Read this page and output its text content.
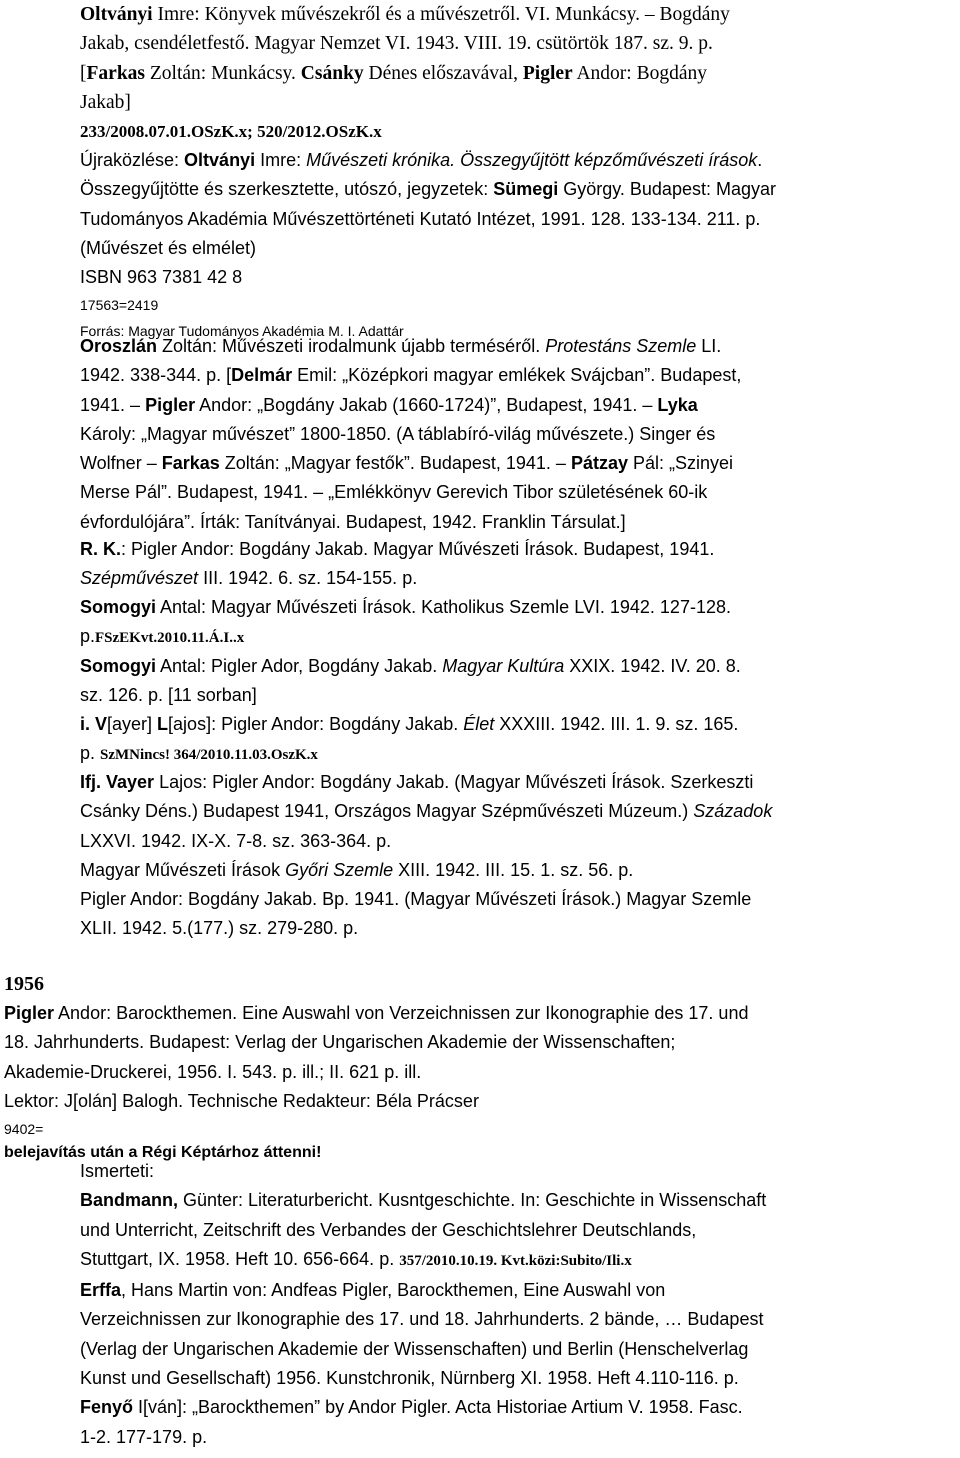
Oltványi Imre: Könyvek művészekről és a művészetről. VI. Munkácsy. – Bogdány

Jakab, csendéletfestő. Magyar Nemzet VI. 1943. VIII. 19. csütörtök 187. sz. 9. p.

[Farkas Zoltán: Munkácsy. Csánky Dénes előszavával, Pigler Andor: Bogdány

Jakab]

233/2008.07.01.OSzK.x; 520/2012.OSzK.x

Újraközlése: Oltványi Imre: Művészeti krónika. Összegyűjtött képzőművészeti írások.

Összegyűjtötte és szerkesztette, utószó, jegyzetek: Sümegi György. Budapest: Magyar

Tudományos Akadémia Művészettörténeti Kutató Intézet, 1991. 128. 133-134. 211. p.

(Művészet és elmélet)

ISBN 963 7381 42 8

17563=2419

Forrás: Magyar Tudományos Akadémia M. I. Adattár

Oroszlán Zoltán: Művészeti irodalmunk újabb terméséről. Protestáns Szemle LI.

1942. 338-344. p. [Delmár Emil: „Középkori magyar emlékek Svájcban”. Budapest,

1941. – Pigler Andor: „Bogdány Jakab (1660-1724)”, Budapest, 1941. – Lyka

Károly: „Magyar művészet” 1800-1850. (A táblabíró-világ művészete.) Singer és

Wolfner – Farkas Zoltán: „Magyar festők”. Budapest, 1941. – Pátzay Pál: „Szinyei

Merse Pál”. Budapest, 1941. – „Emlékkönyv Gerevich Tibor születésének 60-ik

évfordulójára”. Írták: Tanítványai. Budapest, 1942. Franklin Társulat.]

R. K.: Pigler Andor: Bogdány Jakab. Magyar Művészeti Írások. Budapest, 1941.

Szépművészet III. 1942. 6. sz. 154-155. p.

Somogyi Antal: Magyar Művészeti Írások. Katholikus Szemle LVI. 1942. 127-128.

p.FSzEKvt.2010.11.Á.I..x

Somogyi Antal: Pigler Ador, Bogdány Jakab. Magyar Kultúra XXIX. 1942. IV. 20. 8.

sz. 126. p. [11 sorban]

i. V[ayer] L[ajos]: Pigler Andor: Bogdány Jakab. Élet XXXIII. 1942. III. 1. 9. sz. 165.

p. SzMNincs! 364/2010.11.03.OszK.x

Ifj. Vayer Lajos: Pigler Andor: Bogdány Jakab. (Magyar Művészeti Írások. Szerkeszti

Csánky Déns.) Budapest 1941, Országos Magyar Szépművészeti Múzeum.) Századok

LXXVI. 1942. IX-X. 7-8. sz. 363-364. p.

Magyar Művészeti Írások Győri Szemle XIII. 1942. III. 15. 1. sz. 56. p.

Pigler Andor: Bogdány Jakab. Bp. 1941. (Magyar Művészeti Írások.) Magyar Szemle

XLII. 1942. 5.(177.) sz. 279-280. p.

1956

Pigler Andor: Barockthemen. Eine Auswahl von Verzeichnissen zur Ikonographie des 17. und

18. Jahrhunderts. Budapest: Verlag der Ungarischen Akademie der Wissenschaften;

Akademie-Druckerei, 1956. I. 543. p. ill.; II. 621 p. ill.

Lektor: J[olán] Balogh. Technische Redakteur: Béla Prácser

9402=

belejavítás után a Régi Képtárhoz áttenni!

Ismerteti:

Bandmann, Günter: Literaturbericht. Kusntgeschichte. In: Geschichte in Wissenschaft

und Unterricht, Zeitschrift des Verbandes der Geschichtslehrer Deutschlands,

Stuttgart, IX. 1958. Heft 10. 656-664. p. 357/2010.10.19. Kvt.közi:Subito/Ili.x

Erffa, Hans Martin von: Andfeas Pigler, Barockthemen, Eine Auswahl von

Verzeichnissen zur Ikonographie des 17. und 18. Jahrhunderts. 2 bände, … Budapest

(Verlag der Ungarischen Akademie der Wissenschaften) und Berlin (Henschelverlag

Kunst und Gesellschaft) 1956. Kunstchronik, Nürnberg XI. 1958. Heft 4.110-116. p.

Fenyő I[ván]: „Barockthemen” by Andor Pigler. Acta Historiae Artium V. 1958. Fasc.

1-2. 177-179. p.
